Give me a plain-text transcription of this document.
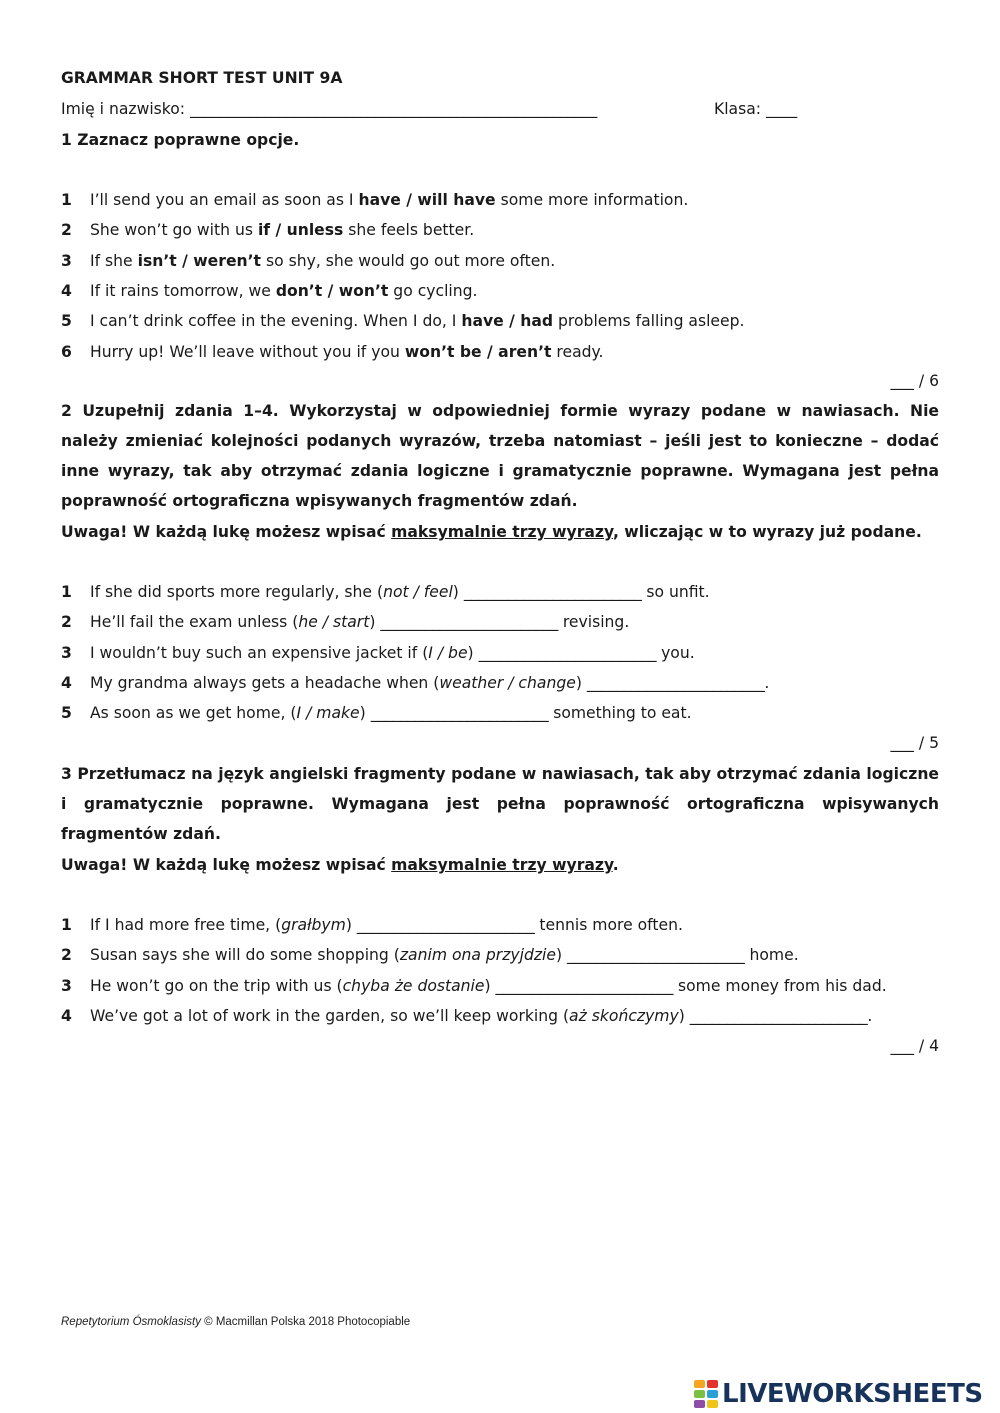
GRAMMAR SHORT TEST UNIT 9A
Imię i nazwisko: _______________________________________________________	Klasa: ____
1 Zaznacz poprawne opcje.
1	I’ll send you an email as soon as I have / will have some more information.
2	She won’t go with us if / unless she feels better.
3	If she isn’t / weren’t so shy, she would go out more often.
4	If it rains tomorrow, we don’t / won’t go cycling.
5	I can’t drink coffee in the evening. When I do, I have / had problems falling asleep.
6	Hurry up! We’ll leave without you if you won’t be / aren’t ready.
___ / 6
2 Uzupełnij zdania 1–4. Wykorzystaj w odpowiedniej formie wyrazy podane w nawiasach. Nie należy zmieniać kolejności podanych wyrazów, trzeba natomiast – jeśli jest to konieczne – dodać inne wyrazy, tak aby otrzymać zdania logiczne i gramatycznie poprawne. Wymagana jest pełna poprawność ortograficzna wpisywanych fragmentów zdań.
Uwaga! W każdą lukę możesz wpisać maksymalnie trzy wyrazy, wliczając w to wyrazy już podane.
1	If she did sports more regularly, she (not / feel) ________________________ so unfit.
2	He’ll fail the exam unless (he / start) ________________________ revising.
3	I wouldn’t buy such an expensive jacket if (I / be) ________________________ you.
4	My grandma always gets a headache when (weather / change) ________________________.
5	As soon as we get home, (I / make) ________________________ something to eat.
___ / 5
3 Przetłumacz na język angielski fragmenty podane w nawiasach, tak aby otrzymać zdania logiczne i gramatycznie poprawne. Wymagana jest pełna poprawność ortograficzna wpisywanych fragmentów zdań.
Uwaga! W każdą lukę możesz wpisać maksymalnie trzy wyrazy.
1	If I had more free time, (grałbym) ________________________ tennis more often.
2	Susan says she will do some shopping (zanim ona przyjdzie) ________________________ home.
3	He won’t go on the trip with us (chyba że dostanie) ________________________ some money from his dad.
4	We’ve got a lot of work in the garden, so we’ll keep working (aż skończymy) ________________________.
___ / 4
Repetytorium Ósmoklasisty © Macmillan Polska 2018 Photocopiable
LIVEWORKSHEETS
